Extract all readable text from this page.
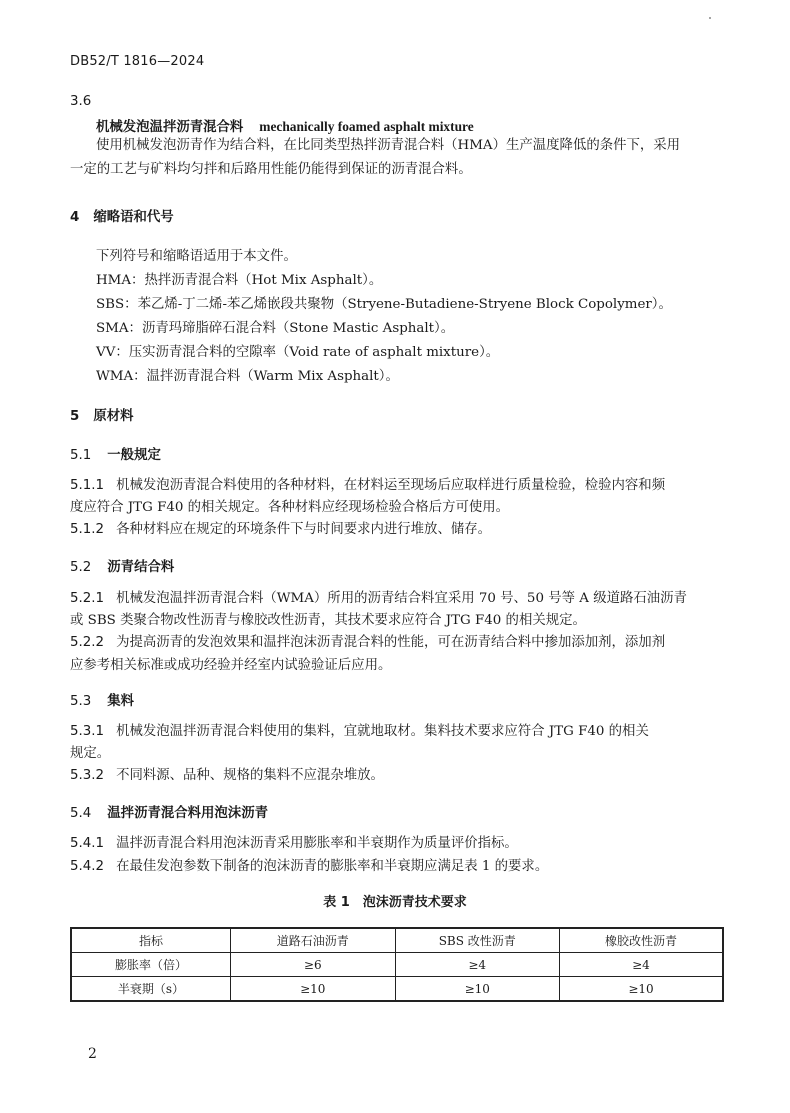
DB52/T 1816—2024
3.6
机械发泡温拌沥青混合料 mechanically foamed asphalt mixture
使用机械发泡沥青作为结合料，在比同类型热拌沥青混合料（HMA）生产温度降低的条件下，采用
一定的工艺与矿料均匀拌和后路用性能仍能得到保证的沥青混合料。
4 缩略语和代号
下列符号和缩略语适用于本文件。
HMA：热拌沥青混合料（Hot Mix Asphalt）。
SBS：苯乙烯-丁二烯-苯乙烯嵌段共聚物（Stryene-Butadiene-Stryene Block Copolymer）。
SMA：沥青玛𤧛脂碎石混合料（Stone Mastic Asphalt）。
VV：压实沥青混合料的空隙率（Void rate of asphalt mixture）。
WMA：温拌沥青混合料（Warm Mix Asphalt）。
5 原材料
5.1 一般规定
5.1.1 机械发泡沥青混合料使用的各种材料，在材料运至现场后应取样进行质量检验，检验内容和频
度应符合 JTG F40 的相关规定。各种材料应经现场检验合格后方可使用。
5.1.2 各种材料应在规定的环境条件下与时间要求内进行堆放、储存。
5.2 沥青结合料
5.2.1 机械发泡温拌沥青混合料（WMA）所用的沥青结合料宜采用 70 号、50 号等 A 级道路石油沥青
或 SBS 类聚合物改性沥青与橡胶改性沥青，其技术要求应符合 JTG F40 的相关规定。
5.2.2 为提高沥青的发泡效果和温拌泡沫沥青混合料的性能，可在沥青结合料中掺加添加剂，添加剂
应参考相关标准或成功经验并经室内试验验证后应用。
5.3 集料
5.3.1 机械发泡温拌沥青混合料使用的集料，宜就地取材。集料技术要求应符合 JTG F40 的相关
规定。
5.3.2 不同料源、品种、规格的集料不应混杂堆放。
5.4 温拌沥青混合料用泡沫沥青
5.4.1 温拌沥青混合料用泡沫沥青采用膨胀率和半衰期作为质量评价指标。
5.4.2 在最佳发泡参数下制备的泡沫沥青的膨胀率和半衰期应满足表 1 的要求。
表 1　泡沫沥青技术要求
指标	道路石油沥青	SBS 改性沥青	橡胶改性沥青
膨胀率（倍）	≥6	≥4	≥4
半衰期（s）	≥10	≥10	≥10
2
